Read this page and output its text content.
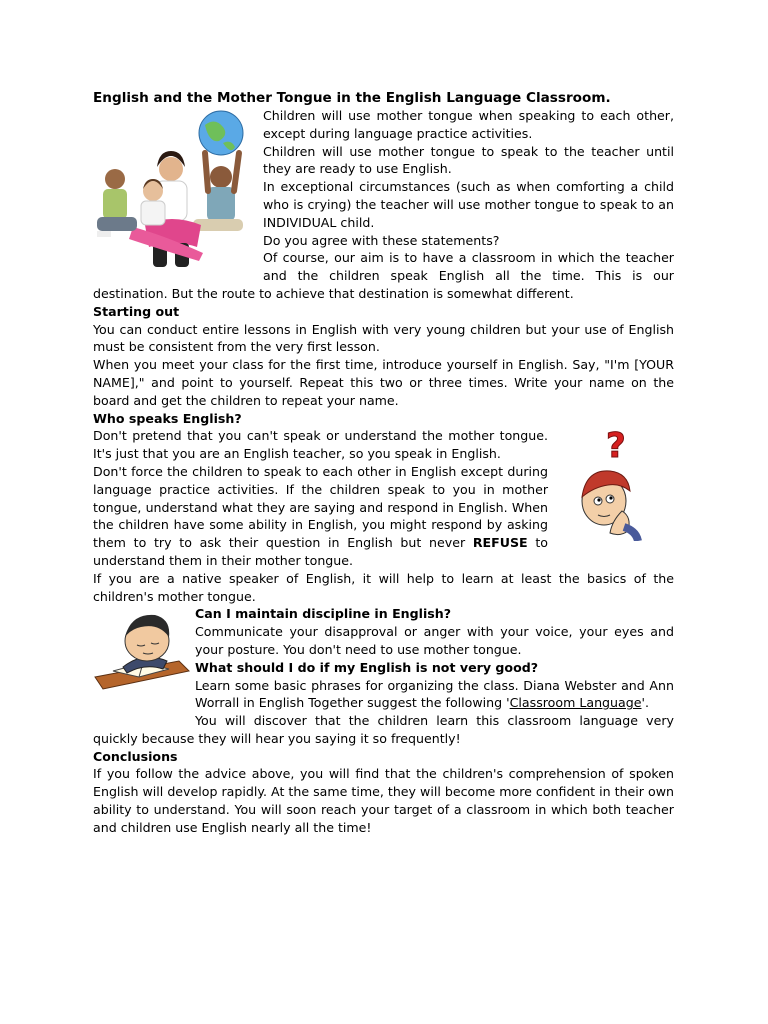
English and the Mother Tongue in the English Language Classroom.

Children will use mother tongue when speaking to each other, except during language practice activities.

Children will use mother tongue to speak to the teacher until they are ready to use English.

In exceptional circumstances (such as when comforting a child who is crying) the teacher will use mother tongue to speak to an INDIVIDUAL child.

Do you agree with these statements?

Of course, our aim is to have a classroom in which the teacher and the children speak English all the time. This is our destination. But the route to achieve that destination is somewhat different.

Starting out

You can conduct entire lessons in English with very young children but your use of English must be consistent from the very first lesson.

When you meet your class for the first time, introduce yourself in English. Say, "I'm [YOUR NAME]," and point to yourself. Repeat this two or three times. Write your name on the board and get the children to repeat your name.

Who speaks English?

?

Don't pretend that you can't speak or understand the mother tongue. It's just that you are an English teacher, so you speak in English.

Don't force the children to speak to each other in English except during language practice activities. If the children speak to you in mother tongue, understand what they are saying and respond in English. When the children have some ability in English, you might respond by asking them to try to ask their question in English but never REFUSE to understand them in their mother tongue.

If you are a native speaker of English, it will help to learn at least the basics of the children's mother tongue.

Can I maintain discipline in English?

Communicate your disapproval or anger with your voice, your eyes and your posture. You don't need to use mother tongue.

What should I do if my English is not very good?

Learn some basic phrases for organizing the class. Diana Webster and Ann Worrall in English Together suggest the following 'Classroom Language'.

You will discover that the children learn this classroom language very quickly because they will hear you saying it so frequently!

Conclusions

If you follow the advice above, you will find that the children's comprehension of spoken English will develop rapidly. At the same time, they will become more confident in their own ability to understand. You will soon reach your target of a classroom in which both teacher and children use English nearly all the time!
